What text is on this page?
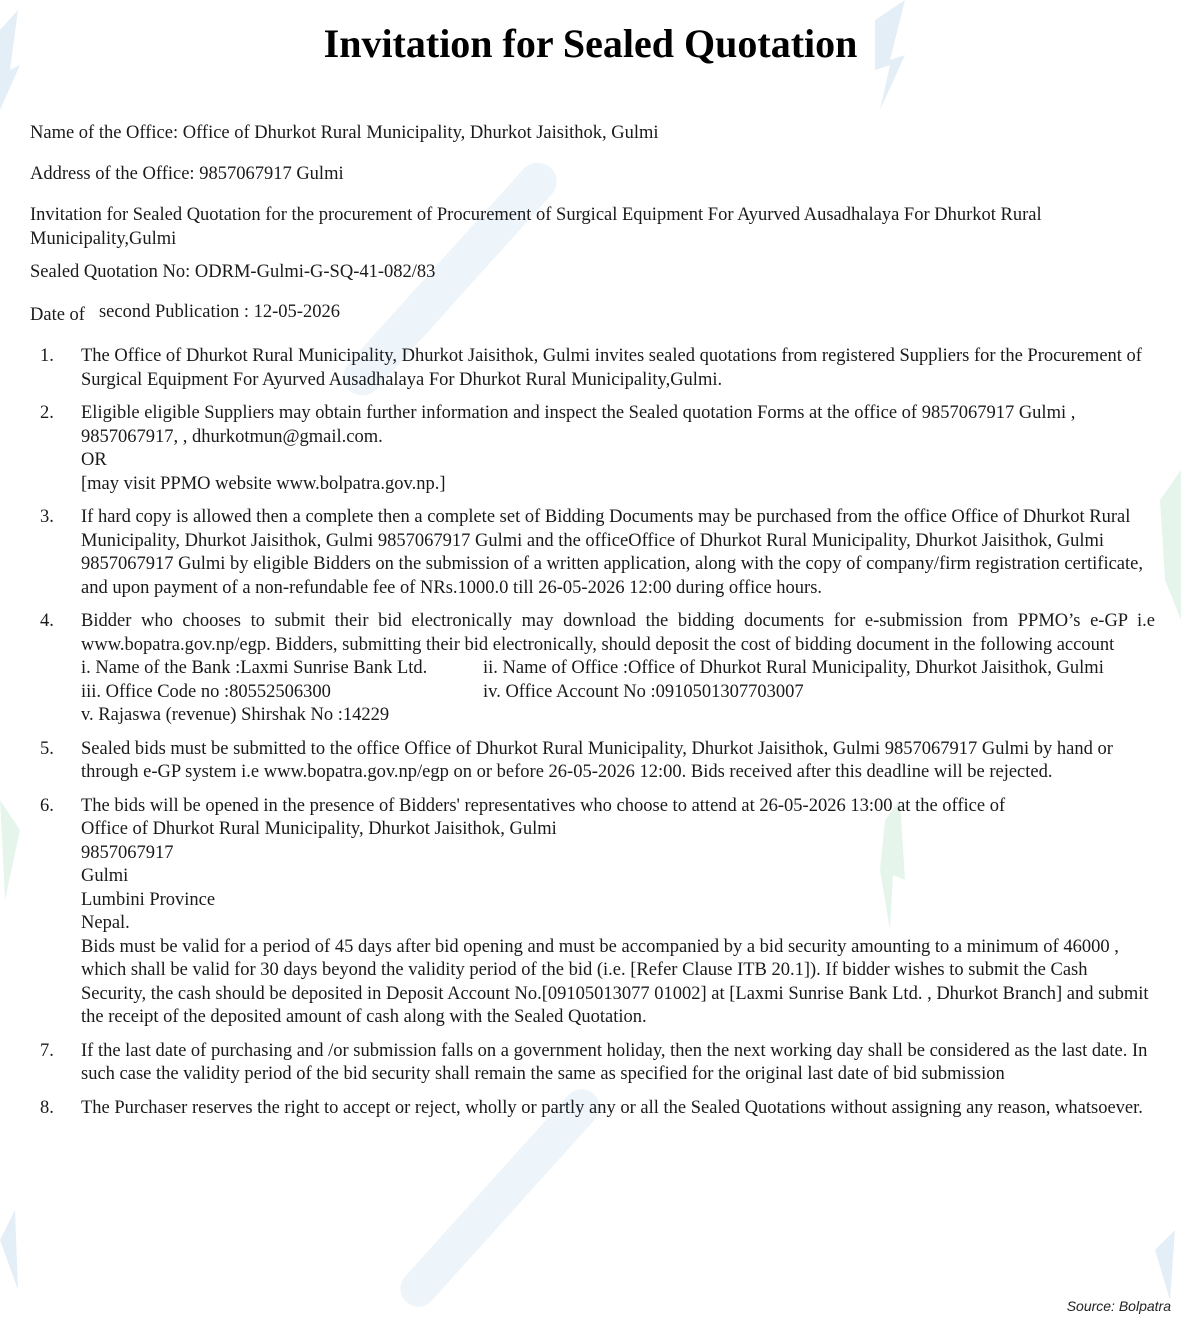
Invitation for Sealed Quotation
Name of the Office: Office of Dhurkot Rural Municipality, Dhurkot Jaisithok, Gulmi
Address of the Office: 9857067917 Gulmi
Invitation for Sealed Quotation for the procurement of Procurement of Surgical Equipment For Ayurved Ausadhalaya For Dhurkot Rural Municipality,Gulmi
Sealed Quotation No: ODRM-Gulmi-G-SQ-41-082/83
Date of second Publication : 12-05-2026
1. The Office of Dhurkot Rural Municipality, Dhurkot Jaisithok, Gulmi invites sealed quotations from registered Suppliers for the Procurement of Surgical Equipment For Ayurved Ausadhalaya For Dhurkot Rural Municipality,Gulmi.

2. Eligible eligible Suppliers may obtain further information and inspect the Sealed quotation Forms at the office of 9857067917 Gulmi , 9857067917, , dhurkotmun@gmail.com.

OR

[may visit PPMO website www.bolpatra.gov.np.]

3. If hard copy is allowed then a complete then a complete set of Bidding Documents may be purchased from the office Office of Dhurkot Rural Municipality, Dhurkot Jaisithok, Gulmi 9857067917 Gulmi and the officeOffice of Dhurkot Rural Municipality, Dhurkot Jaisithok, Gulmi 9857067917 Gulmi by eligible Bidders on the submission of a written application, along with the copy of company/firm registration certificate, and upon payment of a non-refundable fee of NRs.1000.0 till 26-05-2026 12:00 during office hours.

4. Bidder who chooses to submit their bid electronically may download the bidding documents for e-submission from PPMO’s e-GP i.e www.bopatra.gov.np/egp. Bidders, submitting their bid electronically, should deposit the cost of bidding document in the following account

i. Name of the Bank :Laxmi Sunrise Bank Ltd.	ii. Name of Office :Office of Dhurkot Rural Municipality, Dhurkot Jaisithok, Gulmi
iii. Office Code no :80552506300	iv. Office Account No :0910501307703007

v. Rajaswa (revenue) Shirshak No :14229

5. Sealed bids must be submitted to the office Office of Dhurkot Rural Municipality, Dhurkot Jaisithok, Gulmi 9857067917 Gulmi by hand or through e-GP system i.e www.bopatra.gov.np/egp on or before 26-05-2026 12:00. Bids received after this deadline will be rejected.

6. The bids will be opened in the presence of Bidders' representatives who choose to attend at 26-05-2026 13:00 at the office of

Office of Dhurkot Rural Municipality, Dhurkot Jaisithok, Gulmi

9857067917

Gulmi

Lumbini Province

Nepal.

Bids must be valid for a period of 45 days after bid opening and must be accompanied by a bid security amounting to a minimum of 46000 , which shall be valid for 30 days beyond the validity period of the bid (i.e. [Refer Clause ITB 20.1]). If bidder wishes to submit the Cash Security, the cash should be deposited in Deposit Account No.[09105013077 01002] at [Laxmi Sunrise Bank Ltd. , Dhurkot Branch] and submit the receipt of the deposited amount of cash along with the Sealed Quotation.

7. If the last date of purchasing and /or submission falls on a government holiday, then the next working day shall be considered as the last date. In such case the validity period of the bid security shall remain the same as specified for the original last date of bid submission

8. The Purchaser reserves the right to accept or reject, wholly or partly any or all the Sealed Quotations without assigning any reason, whatsoever.

Source: Bolpatra
